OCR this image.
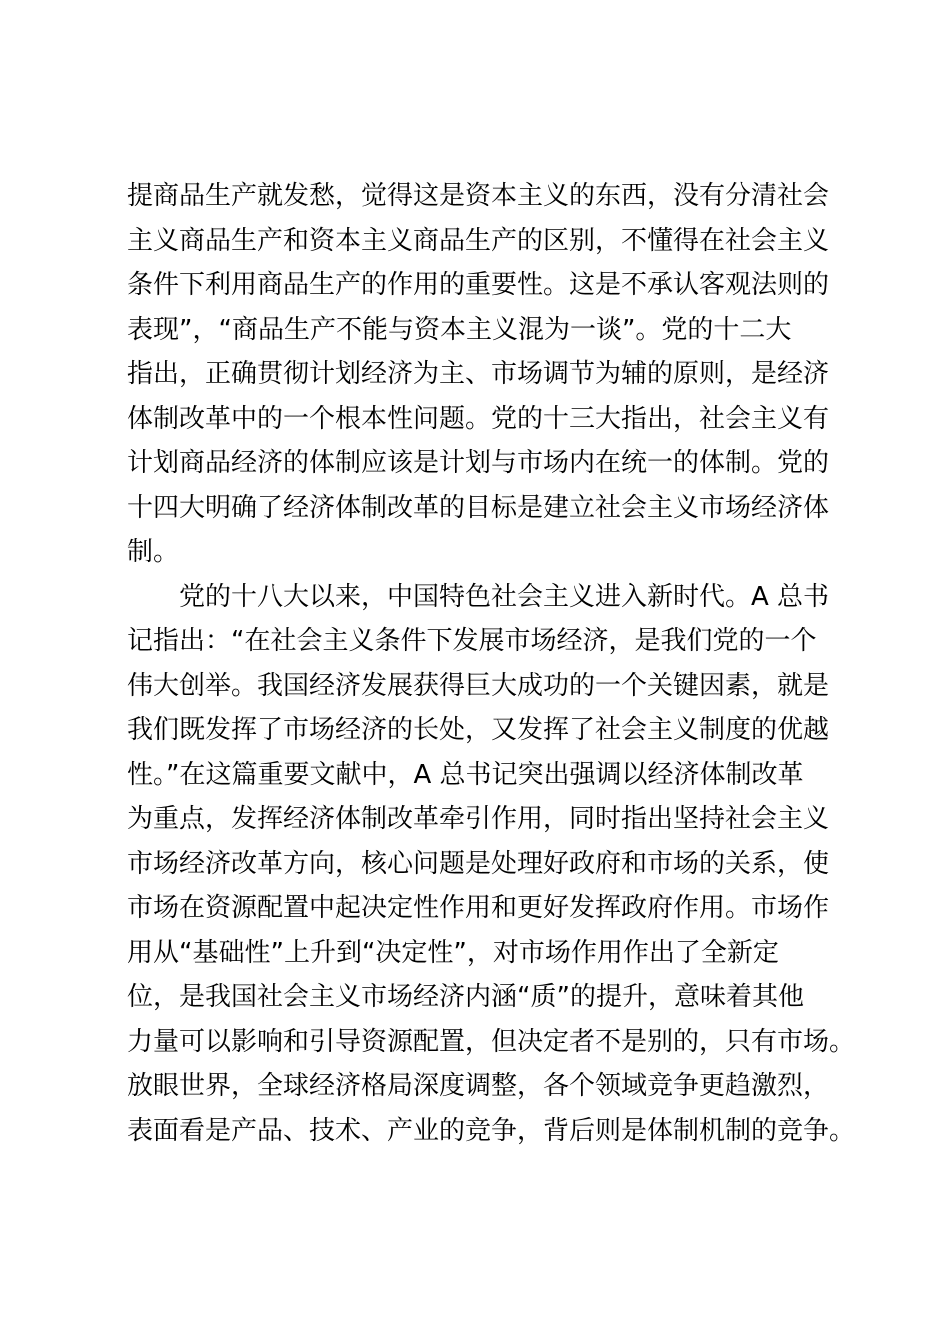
提商品生产就发愁，觉得这是资本主义的东西，没有分清社会
主义商品生产和资本主义商品生产的区别，不懂得在社会主义
条件下利用商品生产的作用的重要性。这是不承认客观法则的
表现”，“商品生产不能与资本主义混为一谈”。党的十二大
指出，正确贯彻计划经济为主、市场调节为辅的原则，是经济
体制改革中的一个根本性问题。党的十三大指出，社会主义有
计划商品经济的体制应该是计划与市场内在统一的体制。党的
十四大明确了经济体制改革的目标是建立社会主义市场经济体
制。
　　党的十八大以来，中国特色社会主义进入新时代。A 总书
记指出：“在社会主义条件下发展市场经济，是我们党的一个
伟大创举。我国经济发展获得巨大成功的一个关键因素，就是
我们既发挥了市场经济的长处，又发挥了社会主义制度的优越
性。”在这篇重要文献中，A 总书记突出强调以经济体制改革
为重点，发挥经济体制改革牵引作用，同时指出坚持社会主义
市场经济改革方向，核心问题是处理好政府和市场的关系，使
市场在资源配置中起决定性作用和更好发挥政府作用。市场作
用从“基础性”上升到“决定性”，对市场作用作出了全新定
位，是我国社会主义市场经济内涵“质”的提升，意味着其他
力量可以影响和引导资源配置，但决定者不是别的，只有市场。
放眼世界，全球经济格局深度调整，各个领域竞争更趋激烈，
表面看是产品、技术、产业的竞争，背后则是体制机制的竞争。
